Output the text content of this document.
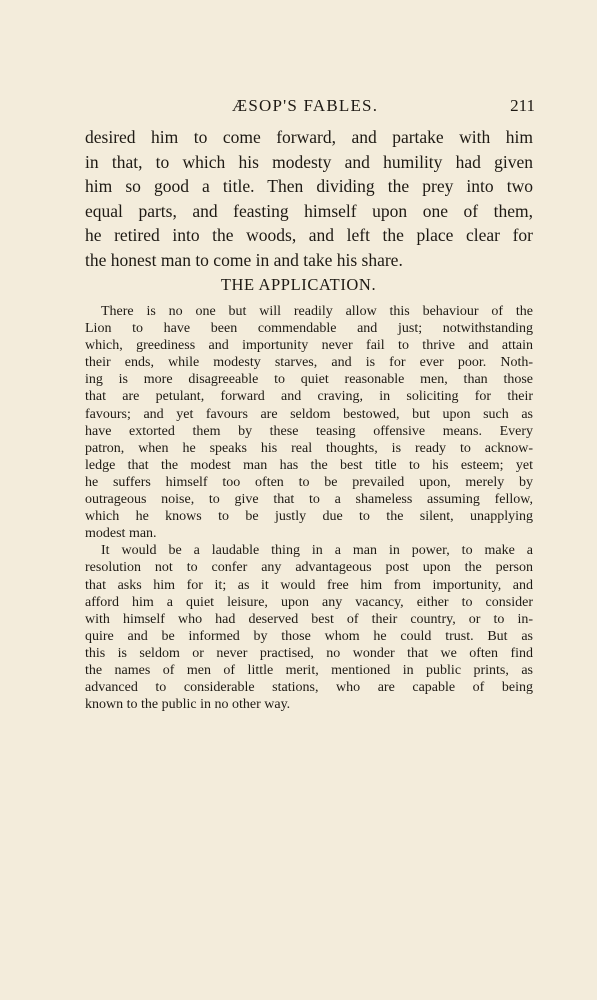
ÆSOP'S FABLES.	211
desired him to come forward, and partake with him
in that, to which his modesty and humility had given
him so good a title. Then dividing the prey into two
equal parts, and feasting himself upon one of them,
he retired into the woods, and left the place clear for
the honest man to come in and take his share.
THE APPLICATION.
There is no one but will readily allow this behaviour of the
Lion to have been commendable and just; notwithstanding
which, greediness and importunity never fail to thrive and attain
their ends, while modesty starves, and is for ever poor. Noth-
ing is more disagreeable to quiet reasonable men, than those
that are petulant, forward and craving, in soliciting for their
favours; and yet favours are seldom bestowed, but upon such as
have extorted them by these teasing offensive means. Every
patron, when he speaks his real thoughts, is ready to acknow-
ledge that the modest man has the best title to his esteem; yet
he suffers himself too often to be prevailed upon, merely by
outrageous noise, to give that to a shameless assuming fellow,
which he knows to be justly due to the silent, unapplying
modest man.
It would be a laudable thing in a man in power, to make a
resolution not to confer any advantageous post upon the person
that asks him for it; as it would free him from importunity, and
afford him a quiet leisure, upon any vacancy, either to consider
with himself who had deserved best of their country, or to in-
quire and be informed by those whom he could trust. But as
this is seldom or never practised, no wonder that we often find
the names of men of little merit, mentioned in public prints, as
advanced to considerable stations, who are capable of being
known to the public in no other way.
